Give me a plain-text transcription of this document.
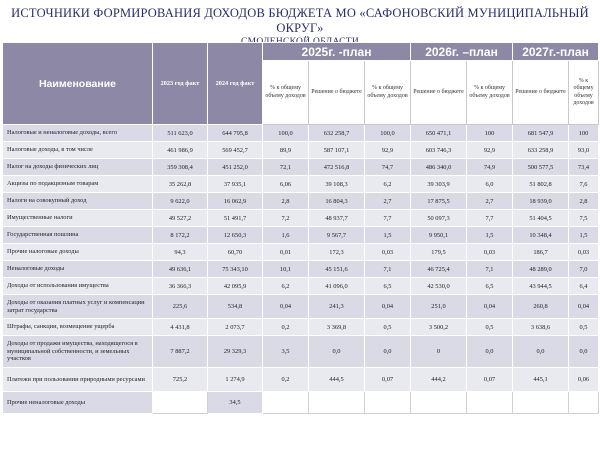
ИСТОЧНИКИ ФОРМИРОВАНИЯ ДОХОДОВ БЮДЖЕТА МО «САФОНОВСКИЙ МУНИЦИПАЛЬНЫЙ ОКРУГ»
Наименование	2023 год факт	2024 год факт	2025г. -план			2026г. –план		2027г.-план	
			% к общему объему доходов	Решение о бюджете	% к общему объему доходов	Решение о бюджете	% к общему объему доходов	Решение о бюджете	% к общему объему доходов
Налоговые и неналоговые доходы, всего	511 623,0	644 795,8	100,0	632 258,7	100,0	650 471,1	100	681 547,9	100
Налоговые доходы, в том числе	461 986,9	569 452,7	89,9	587 107,1	92,9	603 746,3	92,9	633 258,9	93,0
Налог на доходы физических лиц	359 308,4	451 252,0	72,1	472 516,8	74,7	486 340,0	74,9	500 577,5	73,4
Акцизы по подакцизным товарам	35 262,8	37 935,1	6,06	39 108,3	6,2	39 303,9	6,0	51 802,8	7,6
Налоги на совокупный доход	9 622,0	16 062,9	2,8	16 804,3	2,7	17 875,5	2,7	18 939,0	2,8
Имущественные налоги	49 527,2	51 491,7	7,2	48 937,7	7,7	50 097,3	7,7	51 404,5	7,5
Государственная пошлина	8 172,2	12 650,3	1,6	9 567,7	1,5	9 950,1	1,5	10 348,4	1,5
Прочие налоговые доходы	94,3	60,70	0,01	172,3	0,03	179,5	0,03	186,7	0,03
Неналоговые доходы	49 636,1	75 343,10	10,1	45 151,6	7,1	46 725,4	7,1	48 289,0	7,0
Доходы от использования имущества	36 366,3	42 095,9	6,2	41 096,0	6,5	42 530,0	6,5	43 944,5	6,4
Доходы от оказания платных услуг и компенсации затрат государства	225,6	534,8	0,04	241,3	0,04	251,0	0,04	260,8	0,04
Штрафы, санкции, возмещение ущерба	4 431,8	2 073,7	0,2	3 369,8	0,5	3 500,2	0,5	3 638,6	0,5
Доходы от продажи имущества, находящегося в муниципальной собственности, и земельных участков	7 887,2	29 329,3	3,5	0,0	0,0	0	0,0	0,0	0,0
Платежи при пользовании природными ресурсами	725,2	1 274,9	0,2	444,5	0,07	444,2	0,07	445,1	0,06
Прочие неналоговые доходы		34,5							
